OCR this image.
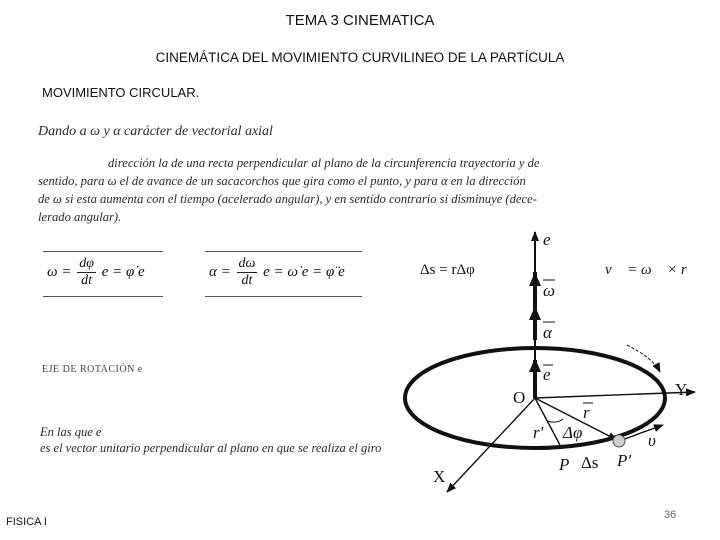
TEMA 3 CINEMATICA
CINEMÁTICA DEL MOVIMIENTO CURVILINEO DE LA PARTÍCULA
MOVIMIENTO CIRCULAR.
Dando a ω y α carácter de vectorial axial
dirección la de una recta perpendicular al plano de la circunferencia trayectoria y de
sentido, para ω el de avance de un sacacorchos que gira como el punto, y para α en la dirección
de ω si esta aumenta con el tiempo (acelerado angular), y en sentido contrario si disminuye (dece-
lerado angular).
$\omega = \frac{d\varphi}{dt}$ e = φ̇ e	$\alpha = \frac{d\omega}{dt}$ e = ω̇ e = φ̈ e	Δs = rΔφ	v⃗ = ω⃗ × r⃗
EJE DE ROTACIÓN e
En las que e
es el vector unitario perpendicular al plano en que se realiza el giro
e
ω
α
e
O	Y
X
r
r' Δφ	υ
P Δs P'
FISICA I
36
